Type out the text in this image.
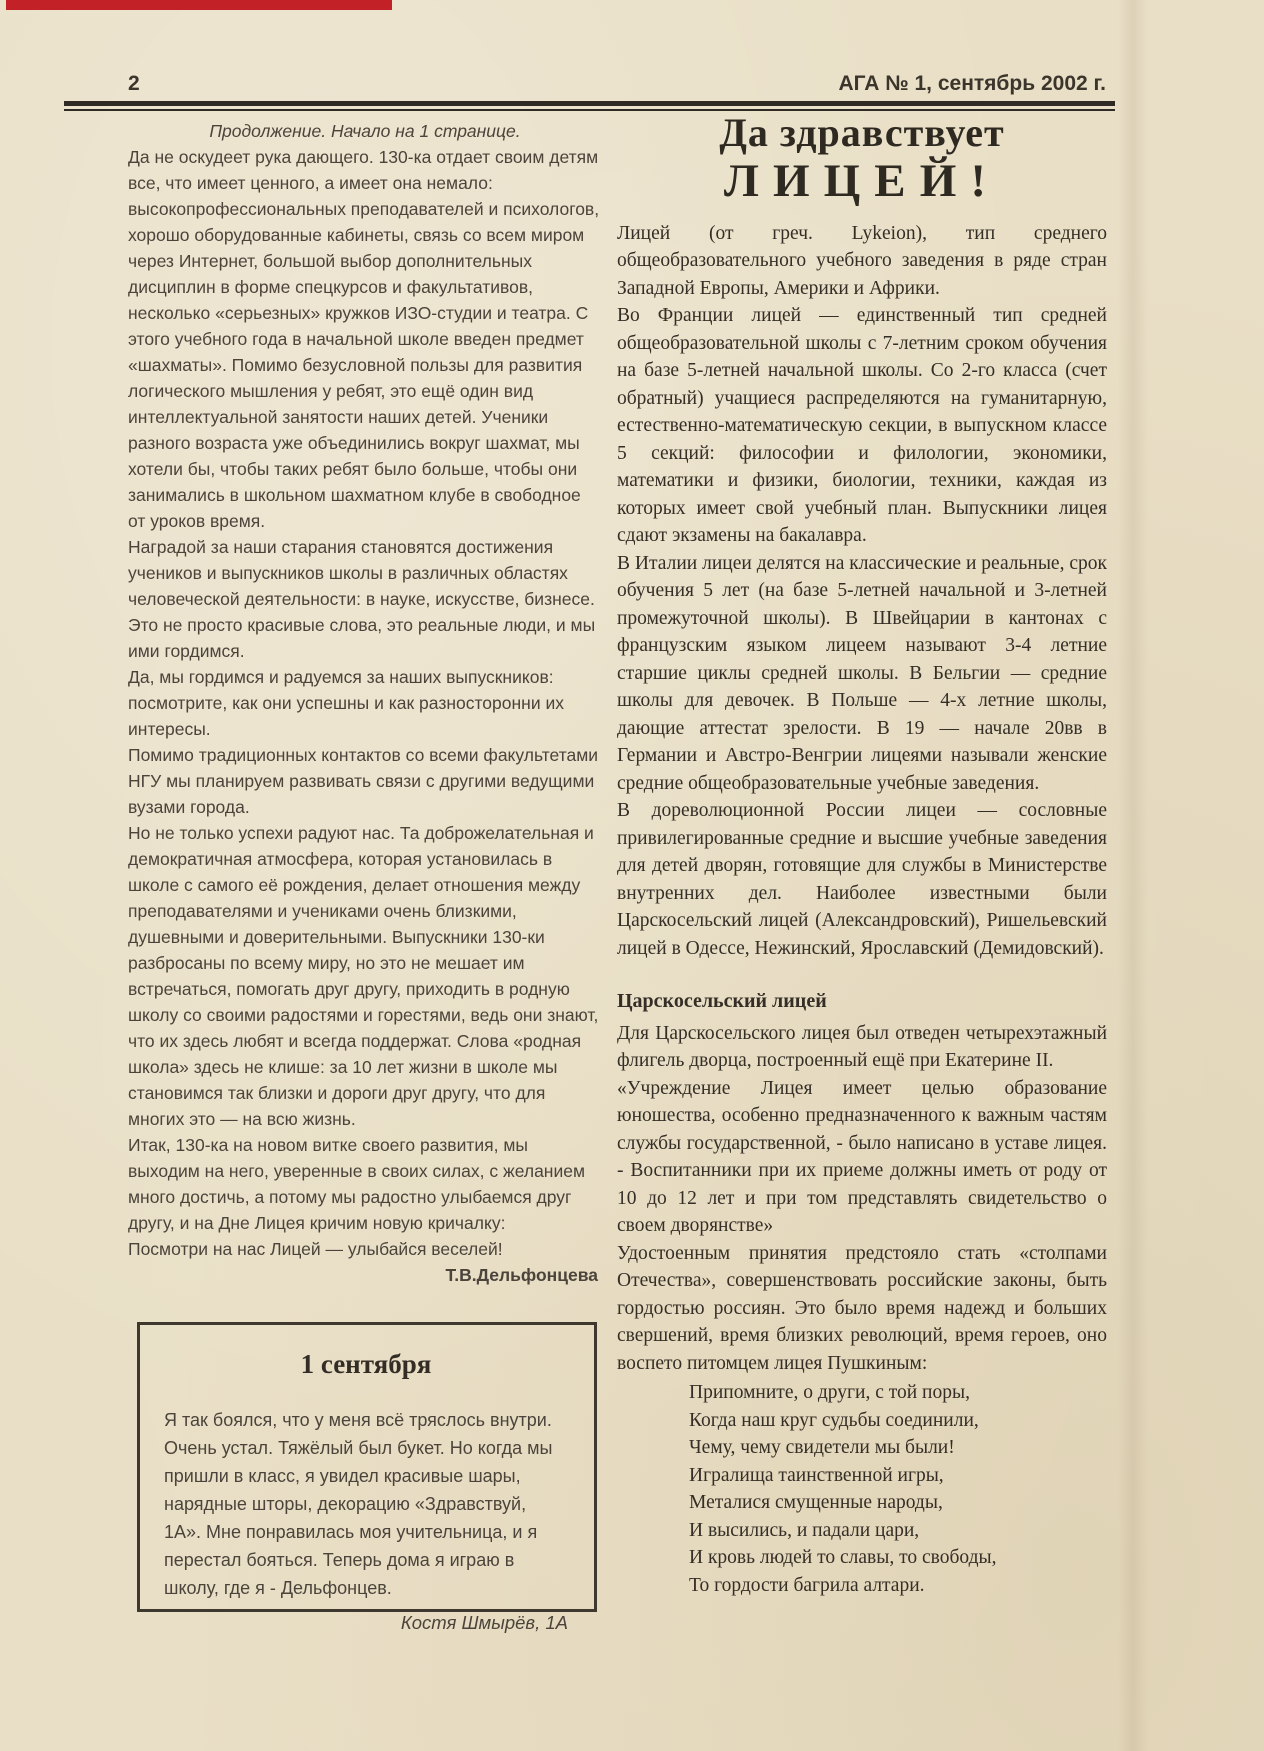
2	АГА № 1, сентябрь 2002 г.

Продолжение. Начало на 1 странице.

Да не оскудеет рука дающего. 130-ка отдает своим детям все, что имеет ценного, а имеет она немало: высокопрофессиональных преподавателей и психологов, хорошо оборудованные кабинеты, связь со всем миром через Интернет, большой выбор дополнительных дисциплин в форме спецкурсов и факультативов, несколько «серьезных» кружков ИЗО-студии и театра. С этого учебного года в начальной школе введен предмет «шахматы». Помимо безусловной пользы для развития логического мышления у ребят, это ещё один вид интеллектуальной занятости наших детей. Ученики разного возраста уже объединились вокруг шахмат, мы хотели бы, чтобы таких ребят было больше, чтобы они занимались в школьном шахматном клубе в свободное от уроков время.

Наградой за наши старания становятся достижения учеников и выпускников школы в различных областях человеческой деятельности: в науке, искусстве, бизнесе. Это не просто красивые слова, это реальные люди, и мы ими гордимся.

Да, мы гордимся и радуемся за наших выпускников: посмотрите, как они успешны и как разносторонни их интересы.

Помимо традиционных контактов со всеми факультетами НГУ мы планируем развивать связи с другими ведущими вузами города.

Но не только успехи радуют нас. Та доброжелательная и демократичная атмосфера, которая установилась в школе с самого её рождения, делает отношения между преподавателями и учениками очень близкими, душевными и доверительными. Выпускники 130-ки разбросаны по всему миру, но это не мешает им встречаться, помогать друг другу, приходить в родную школу со своими радостями и горестями, ведь они знают, что их здесь любят и всегда поддержат. Слова «родная школа» здесь не клише: за 10 лет жизни в школе мы становимся так близки и дороги друг другу, что для многих это — на всю жизнь.

Итак, 130-ка на новом витке своего развития, мы выходим на него, уверенные в своих силах, с желанием много достичь, а потому мы радостно улыбаемся друг другу, и на Дне Лицея кричим новую кричалку:

Посмотри на нас Лицей — улыбайся веселей!

Т.В.Дельфонцева

1 сентября

Я так боялся, что у меня всё тряслось внутри. Очень устал. Тяжёлый был букет. Но когда мы пришли в класс, я увидел красивые шары, нарядные шторы, декорацию «Здравствуй, 1А». Мне понравилась моя учительница, и я перестал бояться. Теперь дома я играю в школу, где я - Дельфонцев.

Костя Шмырёв, 1А
Да здравствует
ЛИЦЕЙ!

Лицей (от греч. Lykeion), тип среднего общеобразовательного учебного заведения в ряде стран Западной Европы, Америки и Африки.

Во Франции лицей — единственный тип средней общеобразовательной школы с 7-летним сроком обучения на базе 5-летней начальной школы. Со 2-го класса (счет обратный) учащиеся распределяются на гуманитарную, естественно-математическую секции, в выпускном классе 5 секций: философии и филологии, экономики, математики и физики, биологии, техники, каждая из которых имеет свой учебный план. Выпускники лицея сдают экзамены на бакалавра.

В Италии лицеи делятся на классические и реальные, срок обучения 5 лет (на базе 5-летней начальной и 3-летней промежуточной школы). В Швейцарии в кантонах с французским языком лицеем называют 3-4 летние старшие циклы средней школы. В Бельгии — средние школы для девочек. В Польше — 4-х летние школы, дающие аттестат зрелости. В 19 — начале 20вв в Германии и Австро-Венгрии лицеями называли женские средние общеобразовательные учебные заведения.

В дореволюционной России лицеи — сословные привилегированные средние и высшие учебные заведения для детей дворян, готовящие для службы в Министерстве внутренних дел. Наиболее известными были Царскосельский лицей (Александровский), Ришельевский лицей в Одессе, Нежинский, Ярославский (Демидовский).

Царскосельский лицей

Для Царскосельского лицея был отведен четырехэтажный флигель дворца, построенный ещё при Екатерине II.

«Учреждение Лицея имеет целью образование юношества, особенно предназначенного к важным частям службы государственной, - было написано в уставе лицея. - Воспитанники при их приеме должны иметь от роду от 10 до 12 лет и при том представлять свидетельство о своем дворянстве»

Удостоенным принятия предстояло стать «столпами Отечества», совершенствовать российские законы, быть гордостью россиян. Это было время надежд и больших свершений, время близких революций, время героев, оно воспето питомцем лицея Пушкиным:

Припомните, о други, с той поры,

Когда наш круг судьбы соединили,

Чему, чему свидетели мы были!

Игралища таинственной игры,

Металися смущенные народы,

И высились, и падали цари,

И кровь людей то славы, то свободы,

То гордости багрила алтари.
